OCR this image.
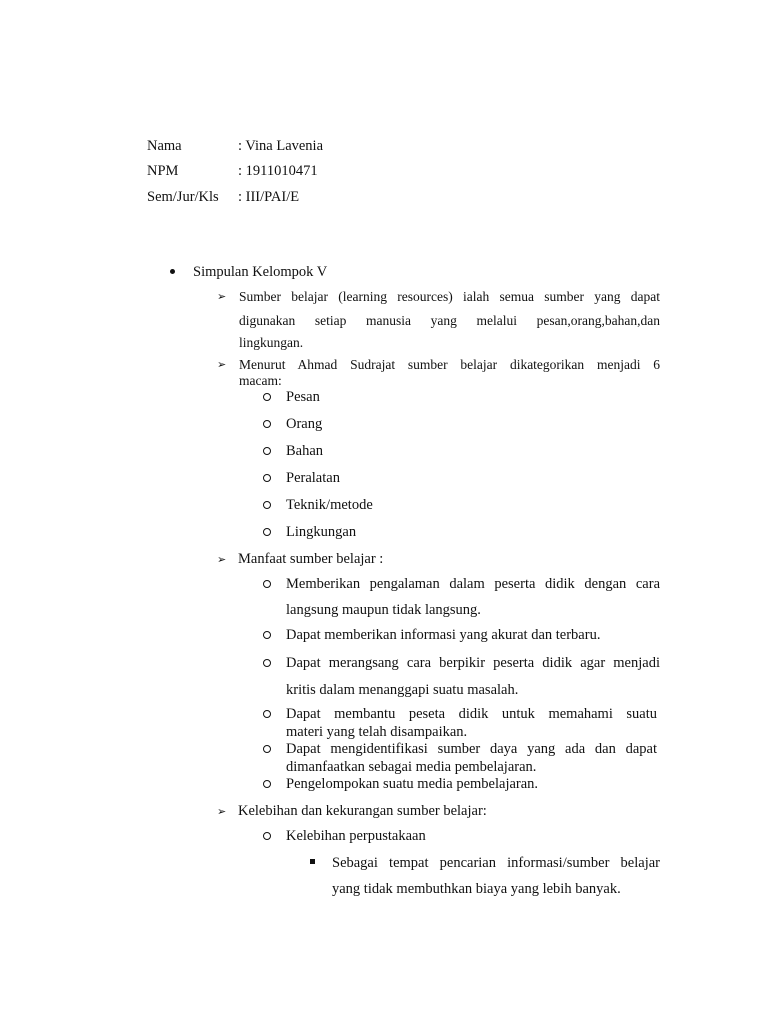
Nama	: Vina Lavenia
NPM	: 1911010471
Sem/Jur/Kls : III/PAI/E
Simpulan Kelompok V
➢ Sumber belajar (learning resources) ialah semua sumber yang dapat
digunakan setiap manusia yang melalui pesan,orang,bahan,dan
lingkungan.
➢ Menurut Ahmad Sudrajat sumber belajar dikategorikan menjadi 6
macam:
Pesan
Orang
Bahan
Peralatan
Teknik/metode
Lingkungan
➢ Manfaat sumber belajar :
Memberikan pengalaman dalam peserta didik dengan cara
langsung maupun tidak langsung.
Dapat memberikan informasi yang akurat dan terbaru.
Dapat merangsang cara berpikir peserta didik agar menjadi
kritis dalam menanggapi suatu masalah.
Dapat membantu peseta didik untuk memahami suatu
materi yang telah disampaikan.
Dapat mengidentifikasi sumber daya yang ada dan dapat
dimanfaatkan sebagai media pembelajaran.
Pengelompokan suatu media pembelajaran.
➢ Kelebihan dan kekurangan sumber belajar:
Kelebihan perpustakaan
Sebagai tempat pencarian informasi/sumber belajar
yang tidak membuthkan biaya yang lebih banyak.
